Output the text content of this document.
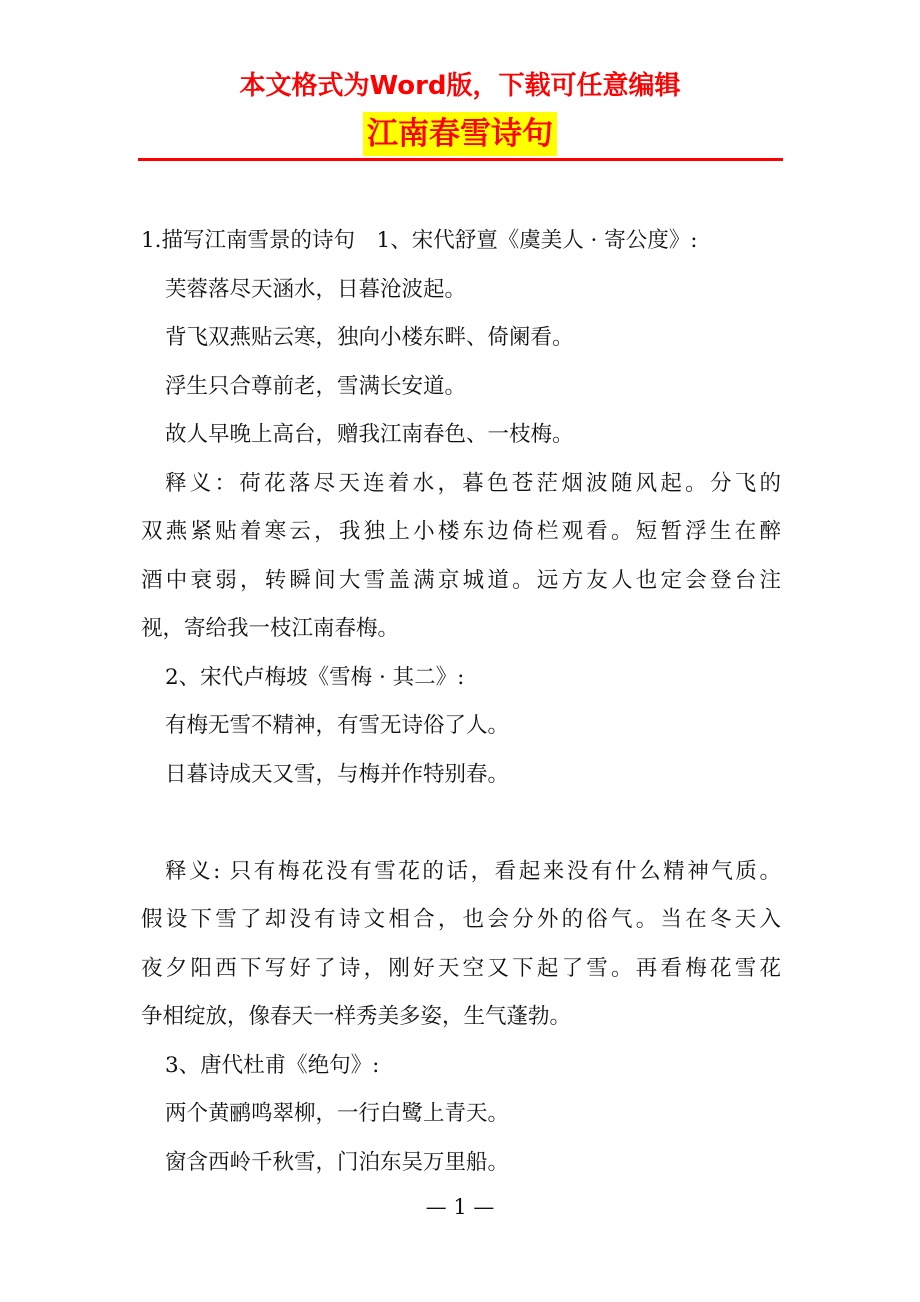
本文格式为Word版，下载可任意编辑
江南春雪诗句
1.描写江南雪景的诗句　1、宋代舒亶《虞美人 · 寄公度》:
芙蓉落尽天涵水，日暮沧波起。
背飞双燕贴云寒，独向小楼东畔、倚阑看。
浮生只合尊前老，雪满长安道。
故人早晚上高台，赠我江南春色、一枝梅。
释义：荷花落尽天连着水，暮色苍茫烟波随风起。分飞的
双燕紧贴着寒云，我独上小楼东边倚栏观看。短暂浮生在醉
酒中衰弱，转瞬间大雪盖满京城道。远方友人也定会登台注
视，寄给我一枝江南春梅。
2、宋代卢梅坡《雪梅 · 其二》:
有梅无雪不精神，有雪无诗俗了人。
日暮诗成天又雪，与梅并作特别春。
释义: 只有梅花没有雪花的话，看起来没有什么精神气质。
假设下雪了却没有诗文相合，也会分外的俗气。当在冬天入
夜夕阳西下写好了诗，刚好天空又下起了雪。再看梅花雪花
争相绽放，像春天一样秀美多姿，生气蓬勃。
3、唐代杜甫《绝句》:
两个黄鹂鸣翠柳，一行白鹭上青天。
窗含西岭千秋雪，门泊东吴万里船。
— 1 —
